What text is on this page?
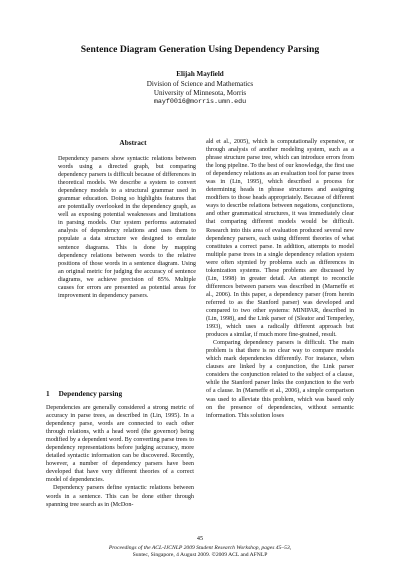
Sentence Diagram Generation Using Dependency Parsing
Elijah Mayfield
Division of Science and Mathematics
University of Minnesota, Morris
mayf0016@morris.umn.edu
Abstract
Dependency parsers show syntactic relations between words using a directed graph, but comparing dependency parsers is difficult because of differences in theoretical models. We describe a system to convert dependency models to a structural grammar used in grammar education. Doing so highlights features that are potentially overlooked in the dependency graph, as well as exposing potential weaknesses and limitations in parsing models. Our system performs automated analysis of dependency relations and uses them to populate a data structure we designed to emulate sentence diagrams. This is done by mapping dependency relations between words to the relative positions of those words in a sentence diagram. Using an original metric for judging the accuracy of sentence diagrams, we achieve precision of 85%. Multiple causes for errors are presented as potential areas for improvement in dependency parsers.
1 Dependency parsing

Dependencies are generally considered a strong metric of accuracy in parse trees, as described in (Lin, 1995). In a dependency parse, words are connected to each other through relations, with a head word (the governor) being modified by a dependent word. By converting parse trees to dependency representations before judging accuracy, more detailed syntactic information can be discovered. Recently, however, a number of dependency parsers have been developed that have very different theories of a correct model of dependencies.

Dependency parsers define syntactic relations between words in a sentence. This can be done either through spanning tree search as in (McDon-

ald et al., 2005), which is computationally expensive, or through analysis of another modeling system, such as a phrase structure parse tree, which can introduce errors from the long pipeline. To the best of our knowledge, the first use of dependency relations as an evaluation tool for parse trees was in (Lin, 1995), which described a process for determining heads in phrase structures and assigning modifiers to those heads appropriately. Because of different ways to describe relations between negations, conjunctions, and other grammatical structures, it was immediately clear that comparing different models would be difficult. Research into this area of evaluation produced several new dependency parsers, each using different theories of what constitutes a correct parse. In addition, attempts to model multiple parse trees in a single dependency relation system were often stymied by problems such as differences in tokenization systems. These problems are discussed by (Lin, 1998) in greater detail. An attempt to reconcile differences between parsers was described in (Marneffe et al., 2006). In this paper, a dependency parser (from herein referred to as the Stanford parser) was developed and compared to two other systems: MINIPAR, described in (Lin, 1998), and the Link parser of (Sleator and Temperley, 1993), which uses a radically different approach but produces a similar, if much more fine-grained, result.

Comparing dependency parsers is difficult. The main problem is that there is no clear way to compare models which mark dependencies differently. For instance, when clauses are linked by a conjunction, the Link parser considers the conjunction related to the subject of a clause, while the Stanford parser links the conjunction to the verb of a clause. In (Marneffe et al., 2006), a simple comparison was used to alleviate this problem, which was based only on the presence of dependencies, without semantic information. This solution loses

45
Proceedings of the ACL-IJCNLP 2009 Student Research Workshop, pages 45–53,
Suntec, Singapore, 4 August 2009. ©2009 ACL and AFNLP
